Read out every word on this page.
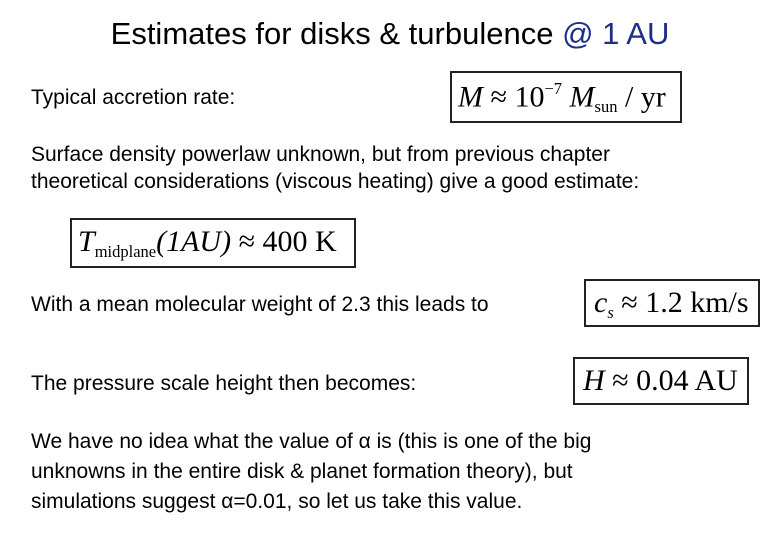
Estimates for disks & turbulence @ 1 AU
Typical accretion rate:	$M \approx 10^{-7}$ $M_{sun}$ / yr
Surface density powerlaw unknown, but from previous chapter
theoretical considerations (viscous heating) give a good estimate:
$T_{midplane}(1AU) \approx 400$ K
With a mean molecular weight of 2.3 this leads to	$c_s \approx 1.2$ km/s
The pressure scale height then becomes:	H ≈ 0.04 AU
We have no idea what the value of α is (this is one of the big
unknowns in the entire disk & planet formation theory), but
simulations suggest α=0.01, so let us take this value.
